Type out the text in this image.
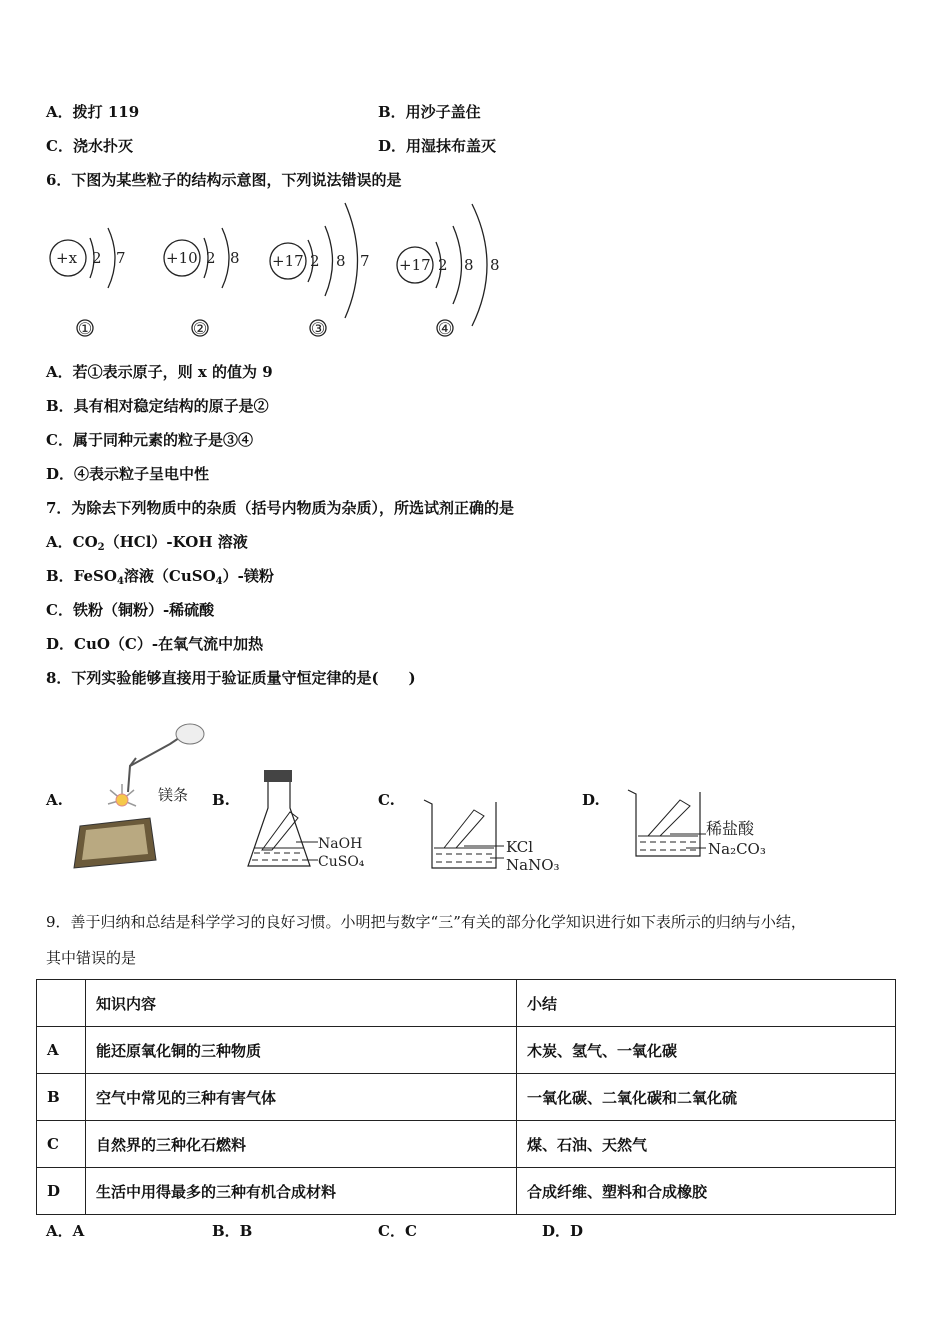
A．拨打 119	B．用沙子盖住
C．浇水扑灭	D．用湿抹布盖灭
6．下图为某些粒子的结构示意图，下列说法错误的是
+x 2 7	+10 2 8 +17 2 8 7 +17 2 8 8
①	②	③	④
A．若①表示原子，则 x 的值为 9
B．具有相对稳定结构的原子是②
C．属于同种元素的粒子是③④
D．④表示粒子呈电中性
7．为除去下列物质中的杂质（括号内物质为杂质），所选试剂正确的是
A．$CO_2(HCl)$-KOH 溶液
B．FeSO$_4$溶液（CuSO$_4$）-镁粉
C．铁粉（铜粉）-稀硫酸
D．CuO（C）-在氧气流中加热
8．下列实验能够直接用于验证质量守恒定律的是(　　)
A.	B.	C.	D.
镁条
NaOH
CuSO₄
KCl
NaNO₃
稀盐酸
Na₂CO₃
9．善于归纳和总结是科学学习的良好习惯。小明把与数字“三”有关的部分化学知识进行如下表所示的归纳与小结，
其中错误的是
	知识内容	小结
A	能还原氧化铜的三种物质	木炭、氢气、一氧化碳
B	空气中常见的三种有害气体	一氧化碳、二氧化碳和二氧化硫
C	自然界的三种化石燃料	煤、石油、天然气
D	生活中用得最多的三种有机合成材料	合成纤维、塑料和合成橡胶
A．A	B．B	C．C	D．D
